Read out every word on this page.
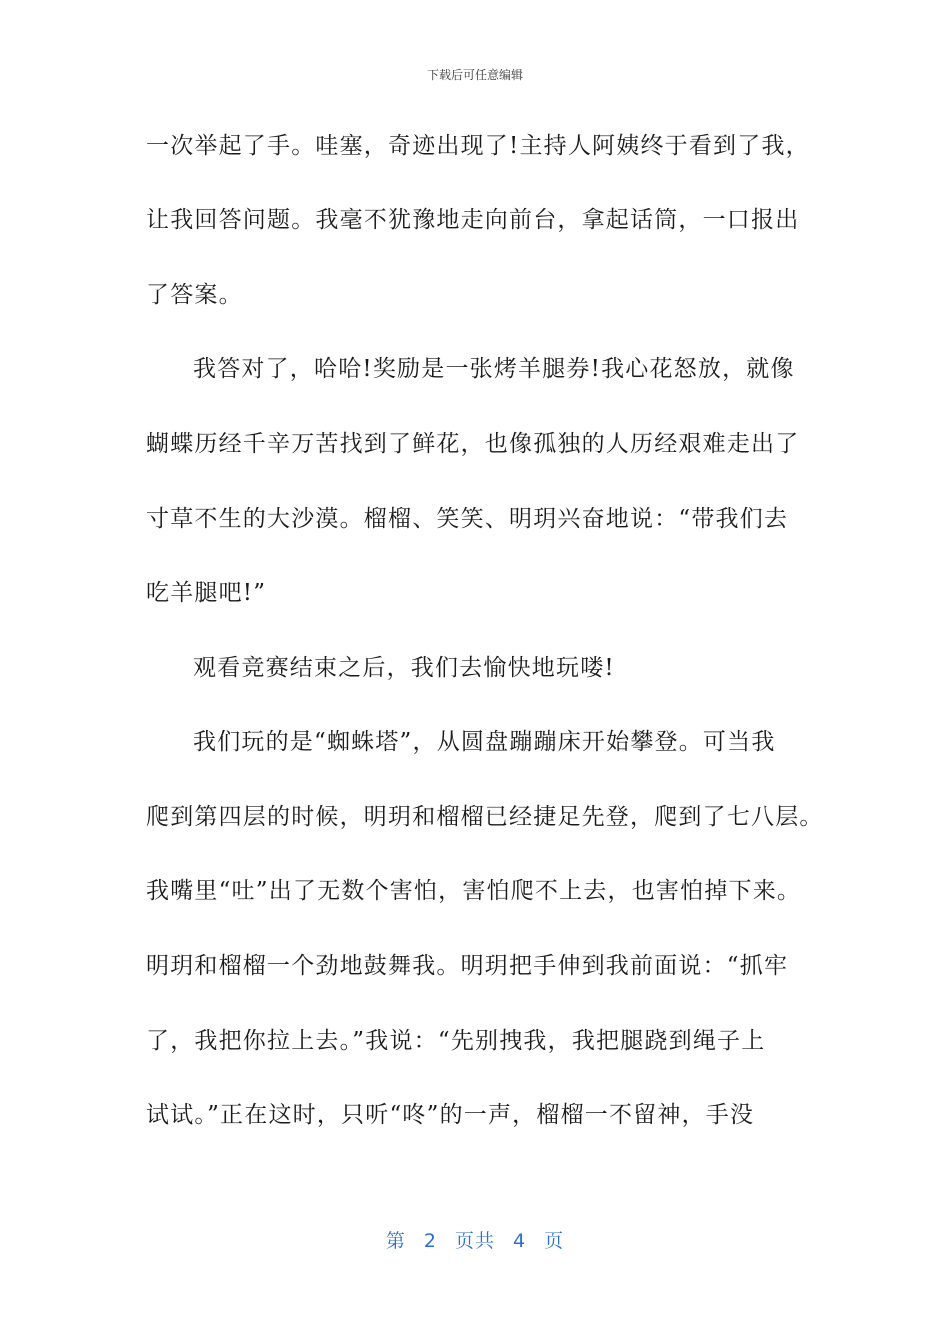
下载后可任意编辑
一次举起了手。哇塞，奇迹出现了!主持人阿姨终于看到了我，
让我回答问题。我毫不犹豫地走向前台，拿起话筒，一口报出
了答案。
我答对了，哈哈!奖励是一张烤羊腿券!我心花怒放，就像
蝴蝶历经千辛万苦找到了鲜花，也像孤独的人历经艰难走出了
寸草不生的大沙漠。榴榴、笑笑、明玥兴奋地说：“带我们去
吃羊腿吧!”
观看竞赛结束之后，我们去愉快地玩喽!
我们玩的是“蜘蛛塔”，从圆盘蹦蹦床开始攀登。可当我
爬到第四层的时候，明玥和榴榴已经捷足先登，爬到了七八层。
我嘴里“吐”出了无数个害怕，害怕爬不上去，也害怕掉下来。
明玥和榴榴一个劲地鼓舞我。明玥把手伸到我前面说：“抓牢
了，我把你拉上去。”我说：“先别拽我，我把腿跷到绳子上
试试。”正在这时，只听“咚”的一声，榴榴一不留神，手没
第 2 页共 4 页
